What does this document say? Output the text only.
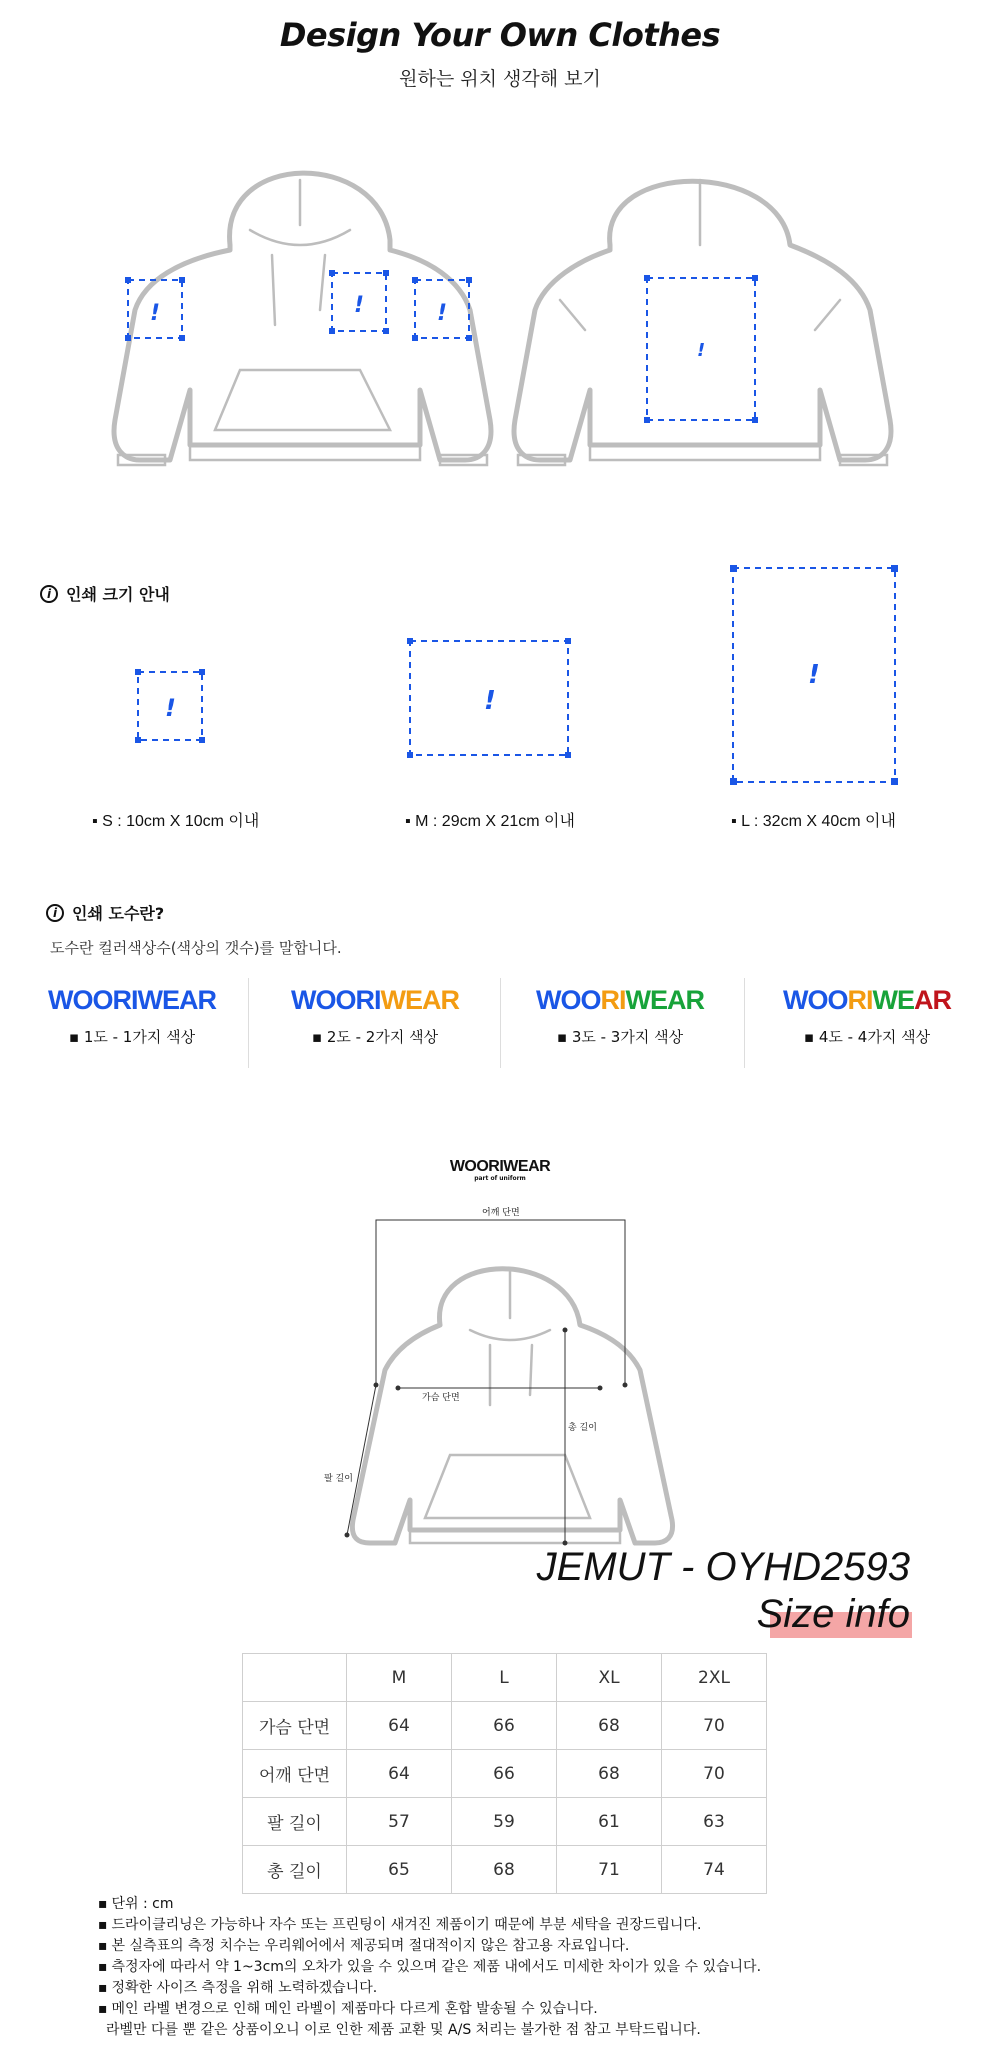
Design Your Own Clothes
원하는 위치 생각해 보기
!	!	!
!
i 인쇄 크기 안내
!	!
!
▪ S : 10cm X 10cm 이내	▪ M : 29cm X 21cm 이내	▪ L : 32cm X 40cm 이내
i 인쇄 도수란?
도수란 컬러색상수(색상의 갯수)를 말합니다.
WOORIWEAR
▪ 1도 - 1가지 색상
WOORIWEAR
▪ 2도 - 2가지 색상
WOORIWEAR
▪ 3도 - 3가지 색상
WOORIWEAR
▪ 4도 - 4가지 색상
WOORIWEAR
part of uniform
어깨 단면
가슴 단면
총 길이
팔 길이
JEMUT - OYHD2593
Size info
	M	L	XL	2XL
가슴 단면	64	66	68	70
어깨 단면	64	66	68	70
팔 길이	57	59	61	63
총 길이	65	68	71	74
▪ 단위 : cm
▪ 드라이클리닝은 가능하나 자수 또는 프린팅이 새겨진 제품이기 때문에 부분 세탁을 권장드립니다.
▪ 본 실측표의 측정 치수는 우리웨어에서 제공되며 절대적이지 않은 참고용 자료입니다.
▪ 측정자에 따라서 약 1~3cm의 오차가 있을 수 있으며 같은 제품 내에서도 미세한 차이가 있을 수 있습니다.
▪ 정확한 사이즈 측정을 위해 노력하겠습니다.
▪ 메인 라벨 변경으로 인해 메인 라벨이 제품마다 다르게 혼합 발송될 수 있습니다.
라벨만 다를 뿐 같은 상품이오니 이로 인한 제품 교환 및 A/S 처리는 불가한 점 참고 부탁드립니다.
